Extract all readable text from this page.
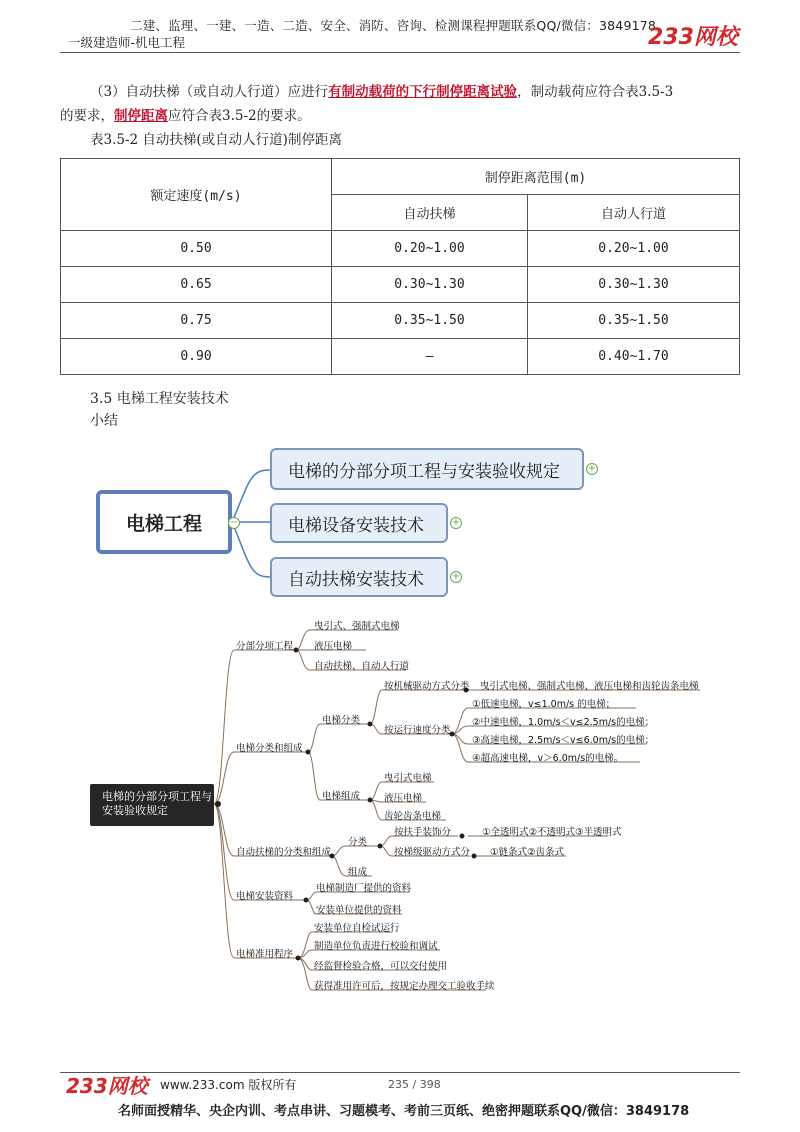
二建、监理、一建、一造、二造、安全、消防、咨询、检测课程押题联系QQ/微信：3849178
一级建造师-机电工程	233网校
（3）自动扶梯（或自动人行道）应进行有制动载荷的下行制停距离试验，制动载荷应符合表3.5-3
的要求，制停距离应符合表3.5-2的要求。
表3.5-2 自动扶梯(或自动人行道)制停距离
额定速度(m/s)	制停距离范围(m)	
	自动扶梯	自动人行道
0.50	0.20~1.00	0.20~1.00
0.65	0.30~1.30	0.30~1.30
0.75	0.35~1.50	0.35~1.50
0.90	—	0.40~1.70
3.5 电梯工程安装技术
小结
电梯工程	−
电梯的分部分项工程与安装验收规定
电梯设备安装技术
自动扶梯安装技术
+
+
+
电梯的分部分项工程与安装验收规定
分部分项工程
曳引式、强制式电梯
液压电梯
自动扶梯、自动人行道
电梯分类和组成
电梯分类
按机械驱动方式分类 曳引式电梯、强制式电梯、液压电梯和齿轮齿条电梯
按运行速度分类
①低速电梯，v≤1.0m/s 的电梯；
②中速电梯，1.0m/s＜v≤2.5m/s的电梯；
③高速电梯，2.5m/s＜v≤6.0m/s的电梯；
④超高速电梯，v＞6.0m/s的电梯。
电梯组成
曳引式电梯
液压电梯
齿轮齿条电梯
自动扶梯的分类和组成
分类
按扶手装饰分	①全透明式②不透明式③半透明式
按梯级驱动方式分 ①链条式②齿条式
组成
电梯安装资料
电梯制造厂提供的资料
安装单位提供的资料
电梯准用程序
安装单位自检试运行
制造单位负责进行校验和调试
经监督检验合格，可以交付使用
获得准用许可后，按规定办理交工验收手续
233网校 www.233.com 版权所有	235 / 398
名师面授精华、央企内训、考点串讲、习题模考、考前三页纸、绝密押题联系QQ/微信：3849178
